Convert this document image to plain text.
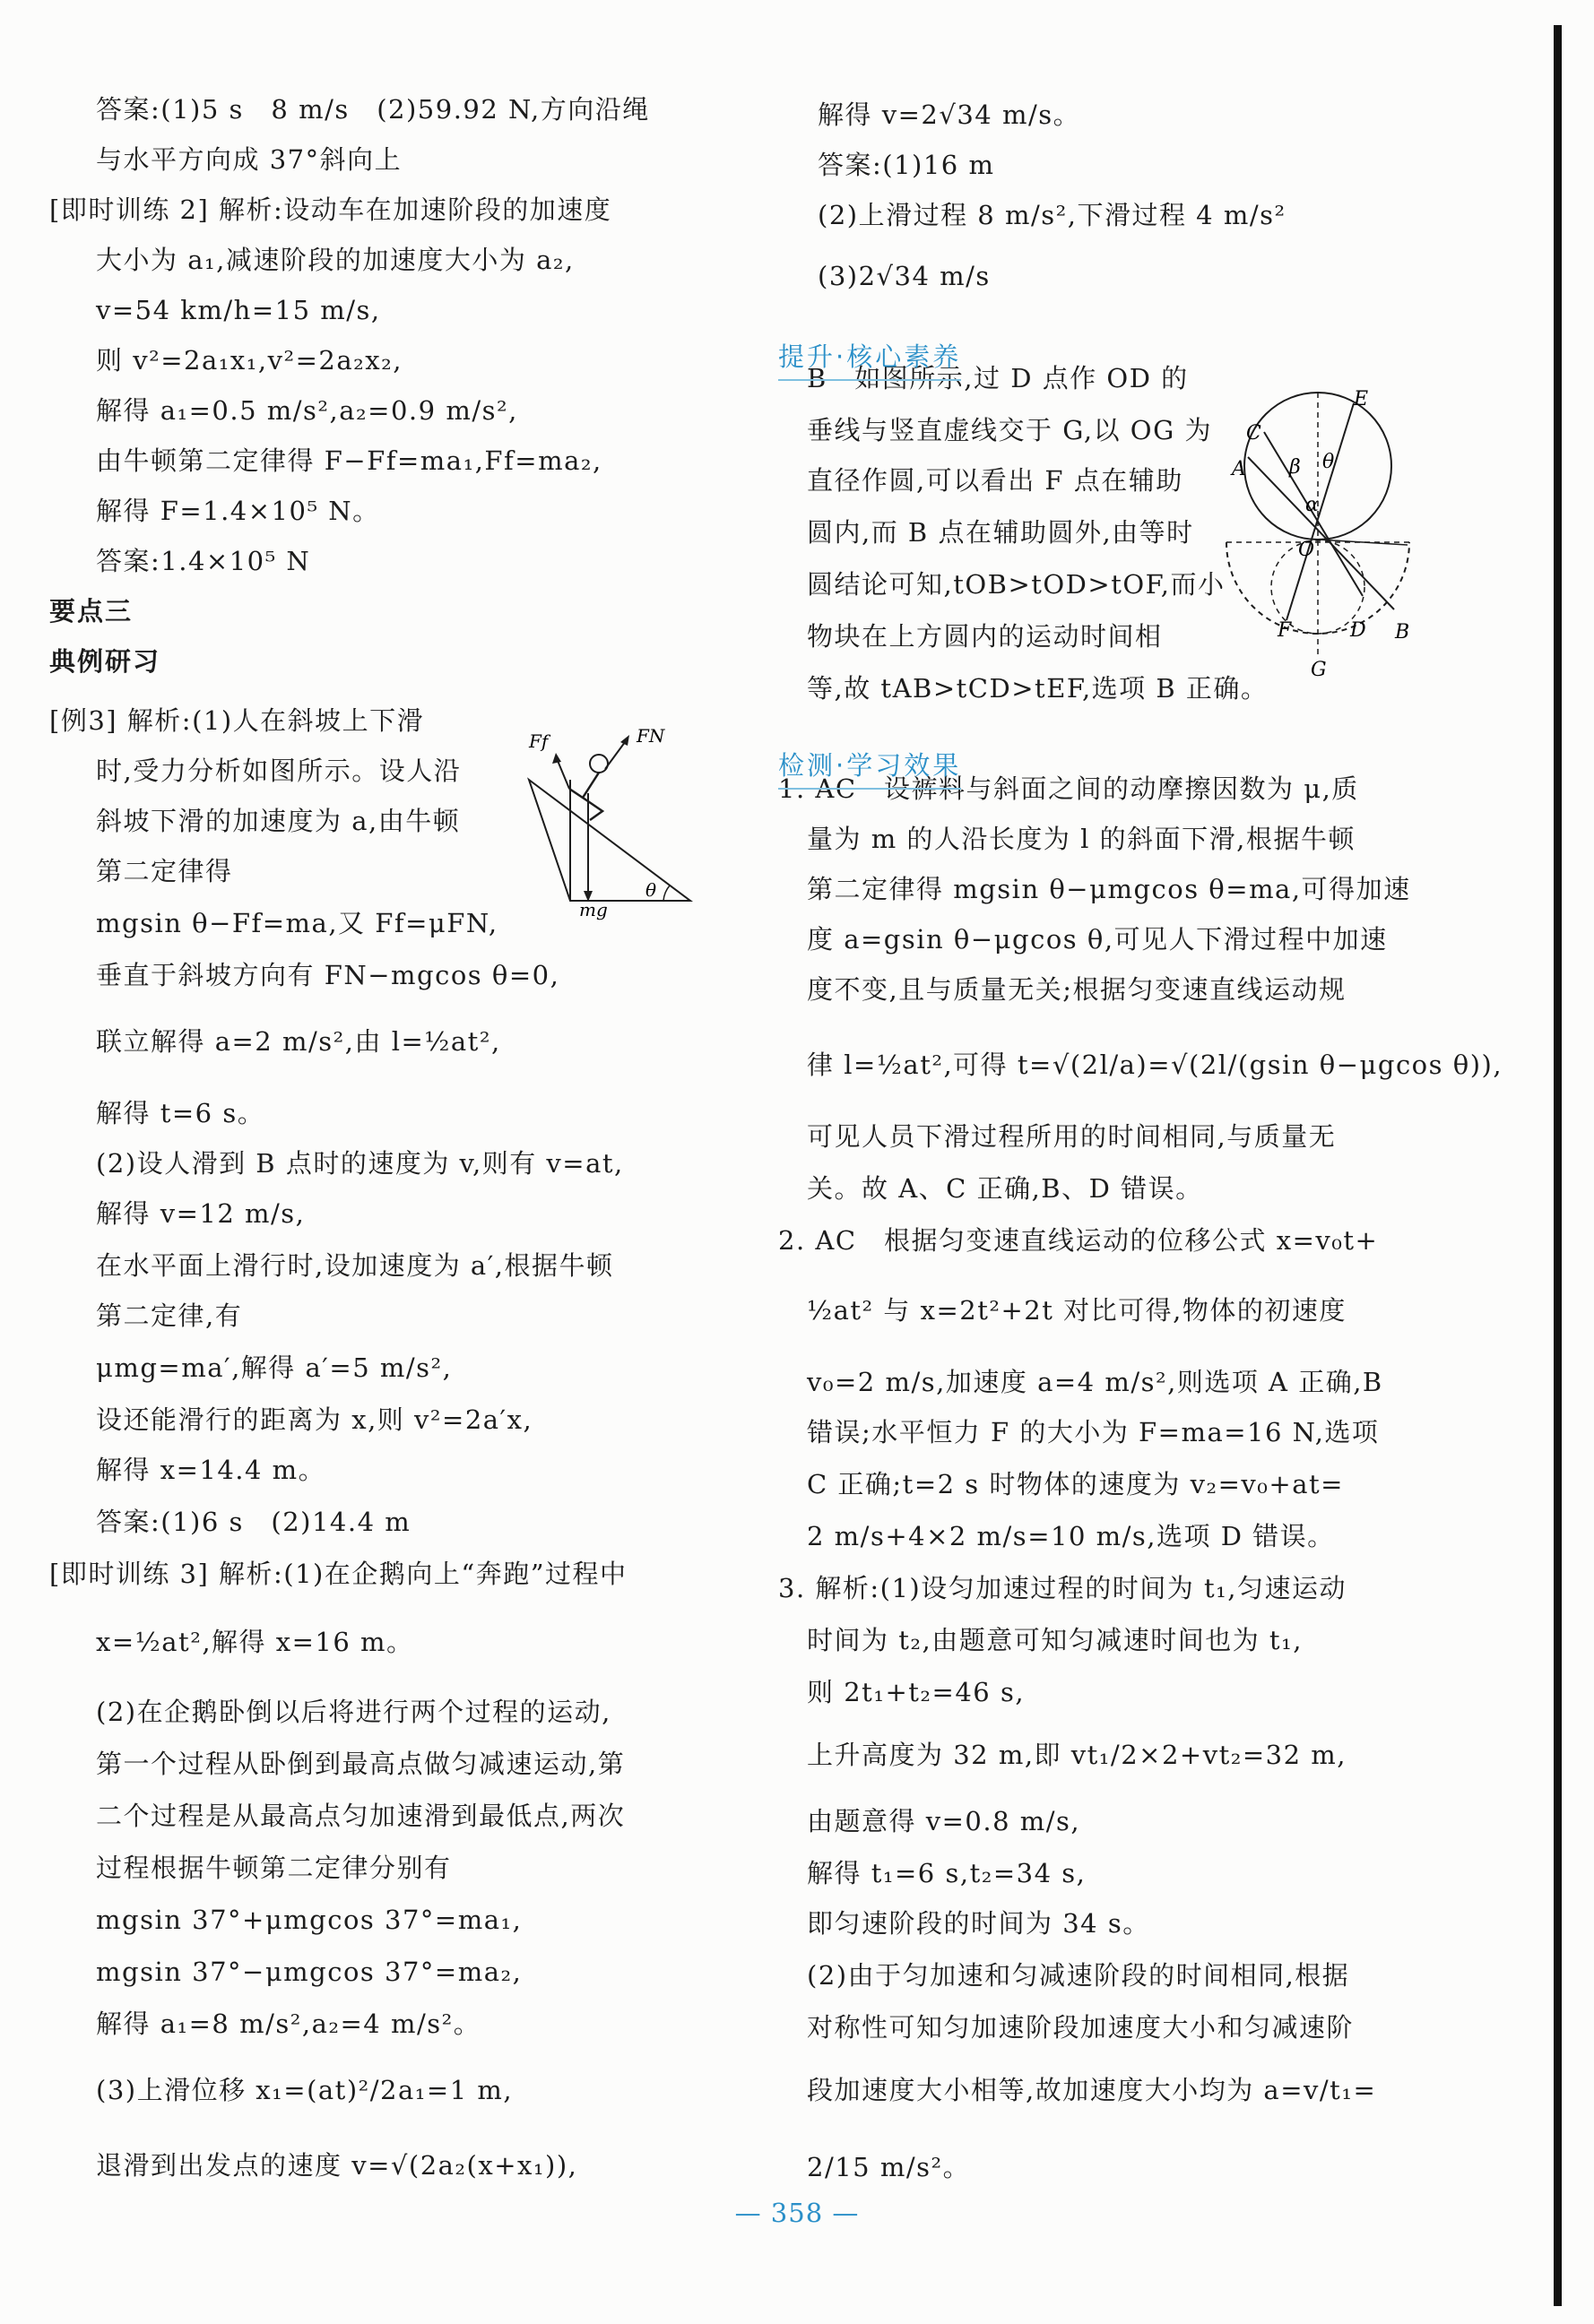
答案:(1)5 s　8 m/s　(2)59.92 N,方向沿绳
与水平方向成 37°斜向上
[即时训练 2] 解析:设动车在加速阶段的加速度
大小为 a₁,减速阶段的加速度大小为 a₂,
v=54 km/h=15 m/s,
则 v²=2a₁x₁,v²=2a₂x₂,
解得 a₁=0.5 m/s²,a₂=0.9 m/s²,
由牛顿第二定律得 F−Ff=ma₁,Ff=ma₂,
解得 F=1.4×10⁵ N。
答案:1.4×10⁵ N
要点三
典例研习
[例3] 解析:(1)人在斜坡上下滑
时,受力分析如图所示。设人沿
斜坡下滑的加速度为 a,由牛顿
第二定律得
mgsin θ−Ff=ma,又 Ff=μFN,
垂直于斜坡方向有 FN−mgcos θ=0,
联立解得 a=2 m/s²,由 l=½at²,
解得 t=6 s。
(2)设人滑到 B 点时的速度为 v,则有 v=at,
解得 v=12 m/s,
在水平面上滑行时,设加速度为 a′,根据牛顿
第二定律,有
μmg=ma′,解得 a′=5 m/s²,
设还能滑行的距离为 x,则 v²=2a′x,
解得 x=14.4 m。
答案:(1)6 s　(2)14.4 m
[即时训练 3] 解析:(1)在企鹅向上“奔跑”过程中
x=½at²,解得 x=16 m。
(2)在企鹅卧倒以后将进行两个过程的运动,
第一个过程从卧倒到最高点做匀减速运动,第
二个过程是从最高点匀加速滑到最低点,两次
过程根据牛顿第二定律分别有
mgsin 37°+μmgcos 37°=ma₁,
mgsin 37°−μmgcos 37°=ma₂,
解得 a₁=8 m/s²,a₂=4 m/s²。
(3)上滑位移 x₁=(at)²/2a₁=1 m,
退滑到出发点的速度 v=√(2a₂(x+x₁)),
解得 v=2√34 m/s。
答案:(1)16 m
(2)上滑过程 8 m/s²,下滑过程 4 m/s²
(3)2√34 m/s
B　如图所示,过 D 点作 OD 的
垂线与竖直虚线交于 G,以 OG 为
直径作圆,可以看出 F 点在辅助
圆内,而 B 点在辅助圆外,由等时
圆结论可知,tOB>tOD>tOF,而小
物块在上方圆内的运动时间相
等,故 tAB>tCD>tEF,选项 B 正确。
1. AC　设裤料与斜面之间的动摩擦因数为 μ,质
量为 m 的人沿长度为 l 的斜面下滑,根据牛顿
第二定律得 mgsin θ−μmgcos θ=ma,可得加速
度 a=gsin θ−μgcos θ,可见人下滑过程中加速
度不变,且与质量无关;根据匀变速直线运动规
律 l=½at²,可得 t=√(2l/a)=√(2l/(gsin θ−μgcos θ)),
可见人员下滑过程所用的时间相同,与质量无
关。故 A、C 正确,B、D 错误。
2. AC　根据匀变速直线运动的位移公式 x=v₀t+
½at² 与 x=2t²+2t 对比可得,物体的初速度
v₀=2 m/s,加速度 a=4 m/s²,则选项 A 正确,B
错误;水平恒力 F 的大小为 F=ma=16 N,选项
C 正确;t=2 s 时物体的速度为 v₂=v₀+at=
2 m/s+4×2 m/s=10 m/s,选项 D 错误。
3. 解析:(1)设匀加速过程的时间为 t₁,匀速运动
时间为 t₂,由题意可知匀减速时间也为 t₁,
则 2t₁+t₂=46 s,
上升高度为 32 m,即 vt₁/2×2+vt₂=32 m,
由题意得 v=0.8 m/s,
解得 t₁=6 s,t₂=34 s,
即匀速阶段的时间为 34 s。
(2)由于匀加速和匀减速阶段的时间相同,根据
对称性可知匀加速阶段加速度大小和匀减速阶
段加速度大小相等,故加速度大小均为 a=v/t₁=
2/15 m/s²。
提升·核心素养
检测·学习效果
Ff	FN
mg
θ
C
E
A β θ
α
O
F	D B
G
— 358 —
